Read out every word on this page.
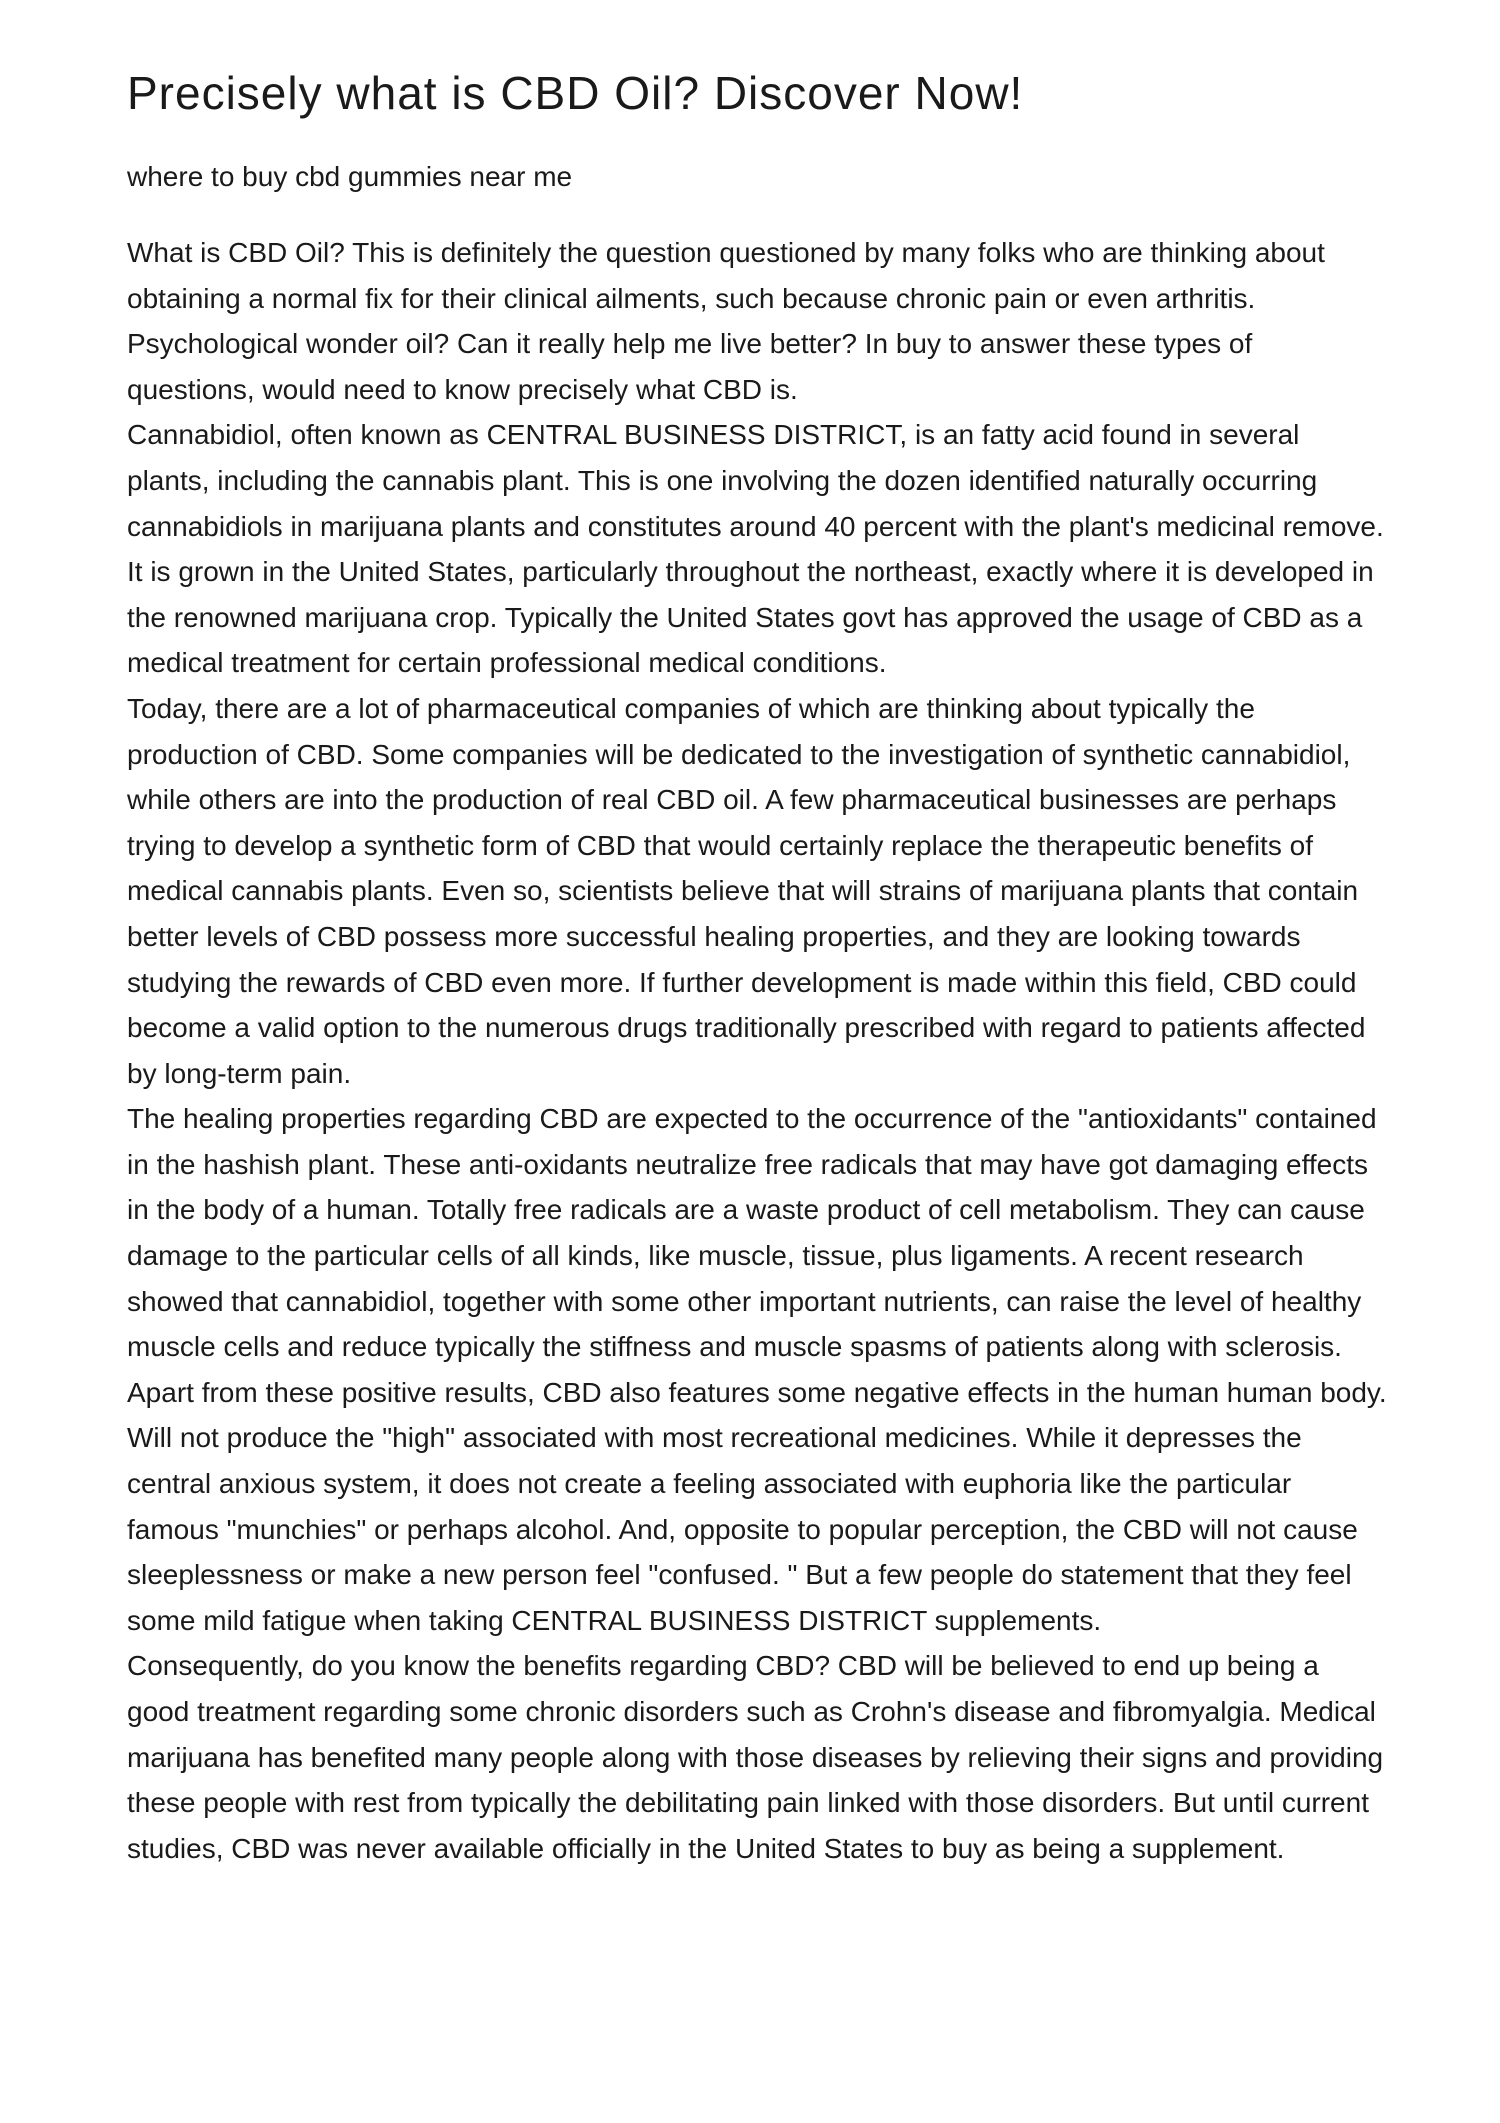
Precisely what is CBD Oil? Discover Now!
where to buy cbd gummies near me

What is CBD Oil? This is definitely the question questioned by many folks who are thinking about obtaining a normal fix for their clinical ailments, such because chronic pain or even arthritis. Psychological wonder oil? Can it really help me live better? In buy to answer these types of questions, would need to know precisely what CBD is.

Cannabidiol, often known as CENTRAL BUSINESS DISTRICT, is an fatty acid found in several plants, including the cannabis plant. This is one involving the dozen identified naturally occurring cannabidiols in marijuana plants and constitutes around 40 percent with the plant's medicinal remove. It is grown in the United States, particularly throughout the northeast, exactly where it is developed in the renowned marijuana crop. Typically the United States govt has approved the usage of CBD as a medical treatment for certain professional medical conditions.

Today, there are a lot of pharmaceutical companies of which are thinking about typically the production of CBD. Some companies will be dedicated to the investigation of synthetic cannabidiol, while others are into the production of real CBD oil. A few pharmaceutical businesses are perhaps trying to develop a synthetic form of CBD that would certainly replace the therapeutic benefits of medical cannabis plants. Even so, scientists believe that will strains of marijuana plants that contain better levels of CBD possess more successful healing properties, and they are looking towards studying the rewards of CBD even more. If further development is made within this field, CBD could become a valid option to the numerous drugs traditionally prescribed with regard to patients affected by long-term pain.

The healing properties regarding CBD are expected to the occurrence of the "antioxidants" contained in the hashish plant. These anti-oxidants neutralize free radicals that may have got damaging effects in the body of a human. Totally free radicals are a waste product of cell metabolism. They can cause damage to the particular cells of all kinds, like muscle, tissue, plus ligaments. A recent research showed that cannabidiol, together with some other important nutrients, can raise the level of healthy muscle cells and reduce typically the stiffness and muscle spasms of patients along with sclerosis.

Apart from these positive results, CBD also features some negative effects in the human human body. Will not produce the "high" associated with most recreational medicines. While it depresses the central anxious system, it does not create a feeling associated with euphoria like the particular famous "munchies" or perhaps alcohol. And, opposite to popular perception, the CBD will not cause sleeplessness or make a new person feel "confused. " But a few people do statement that they feel some mild fatigue when taking CENTRAL BUSINESS DISTRICT supplements.

Consequently, do you know the benefits regarding CBD? CBD will be believed to end up being a good treatment regarding some chronic disorders such as Crohn's disease and fibromyalgia. Medical marijuana has benefited many people along with those diseases by relieving their signs and providing these people with rest from typically the debilitating pain linked with those disorders. But until current studies, CBD was never available officially in the United States to buy as being a supplement.
